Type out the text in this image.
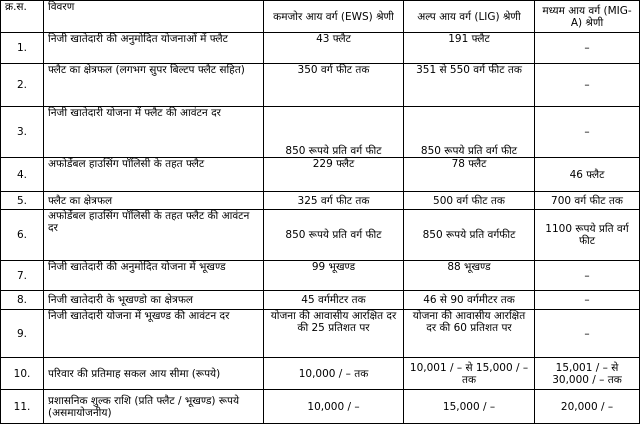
क्र.स.	विवरण	कमजोर आय वर्ग (EWS) श्रेणी	अल्प आय वर्ग (LIG) श्रेणी	मध्यम आय वर्ग (MIG-A) श्रेणी
1.	निजी खातेदारी की अनुमोदित योजनाओं में फ्लैट	43 फ्लैट	191 फ्लैट	–
2.	फ्लैट का क्षेत्रफल (लगभग सुपर बिल्टप फ्लैट सहित)	350 वर्ग फीट तक	351 से 550 वर्ग फीट तक	–
3.	निजी खातेदारी योजना में फ्लैट की आवंटन दर	850 रूपये प्रति वर्ग फीट	850 रूपये प्रति वर्ग फीट	–
4.	अफोर्डेबल हाउसिंग पॉलिसी के तहत फ्लैट	229 फ्लैट	78 फ्लैट	46 फ्लैट
5.	फ्लैट का क्षेत्रफल	325 वर्ग फीट तक	500 वर्ग फीट तक	700 वर्ग फीट तक
6.	अफोर्डेबल हाउसिंग पॉलिसी के तहत फ्लैट की आवंटन दर	850 रूपये प्रति वर्ग फीट	850 रूपये प्रति वर्गफीट	1100 रूपये प्रति वर्ग फीट
7.	निजी खातेदारी की अनुमोदित योजना में भूखण्ड	99 भूखण्ड	88 भूखण्ड	–
8.	निजी खातेदारी के भूखण्डो का क्षेत्रफल	45 वर्गमीटर तक	46 से 90 वर्गमीटर तक	–
9.	निजी खातेदारी योजना में भूखण्ड की आवंटन दर	योजना की आवासीय आरक्षित दर की 25 प्रतिशत पर	योजना की आवासीय आरक्षित दर की 60 प्रतिशत पर	–
10.	परिवार की प्रतिमाह सकल आय सीमा (रूपये)	10,000 / – तक	10,001 / – से 15,000 / – तक	15,001 / – से 30,000 / – तक
11.	प्रशासनिक शुल्क राशि (प्रति फ्लैट / भूखण्ड) रूपये (असमायोजनीय)	10,000 / –	15,000 / –	20,000 / –
